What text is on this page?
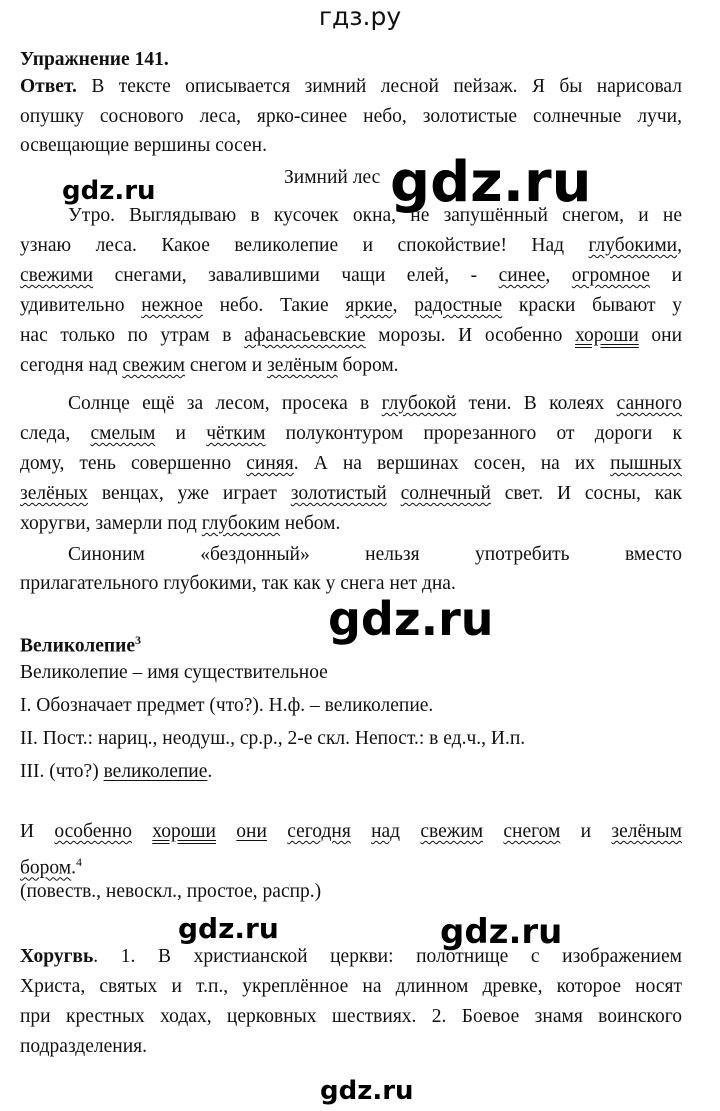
гдз.ру
Упражнение 141.
Ответ. В тексте описывается зимний лесной пейзаж. Я бы нарисовал
опушку соснового леса, ярко-синее небо, золотистые солнечные лучи,
освещающие вершины сосен.
Зимний лес gdz.ru
gdz.ru
Утро. Выглядываю в кусочек окна, не запушённый снегом, и не
узнаю леса. Какое великолепие и спокойствие! Над глубокими,
свежими снегами, завалившими чащи елей, - синее, огромное и
удивительно нежное небо. Такие яркие, радостные краски бывают у
нас только по утрам в афанасьевские морозы. И особенно хороши они
сегодня над свежим снегом и зелёным бором.
Солнце ещё за лесом, просека в глубокой тени. В колеях санного
следа, смелым и чётким полуконтуром прорезанного от дороги к
дому, тень совершенно синяя. А на вершинах сосен, на их пышных
зелёных венцах, уже играет золотистый солнечный свет. И сосны, как
хоругви, замерли под глубоким небом.
Синоним «бездонный» нельзя употребить вместо
прилагательного глубокими, так как у снега нет дна.
gdz.ru
Великолепие$^3$
Великолепие – имя существительное
I. Обозначает предмет (что?). Н.ф. – великолепие.
II. Пост.: нариц., неодуш., ср.р., 2-е скл. Непост.: в ед.ч., И.п.
III. (что?) великолепие.
И особенно хороши они сегодня над свежим снегом и зелёным
бором.$^4$
(повеств., невоскл., простое, распр.)
gdz.ru	gdz.ru
Хоругвь. 1. В христианской церкви: полотнище с изображением
Христа, святых и т.п., укреплённое на длинном древке, которое носят
при крестных ходах, церковных шествиях. 2. Боевое знамя воинского
подразделения.
gdz.ru
